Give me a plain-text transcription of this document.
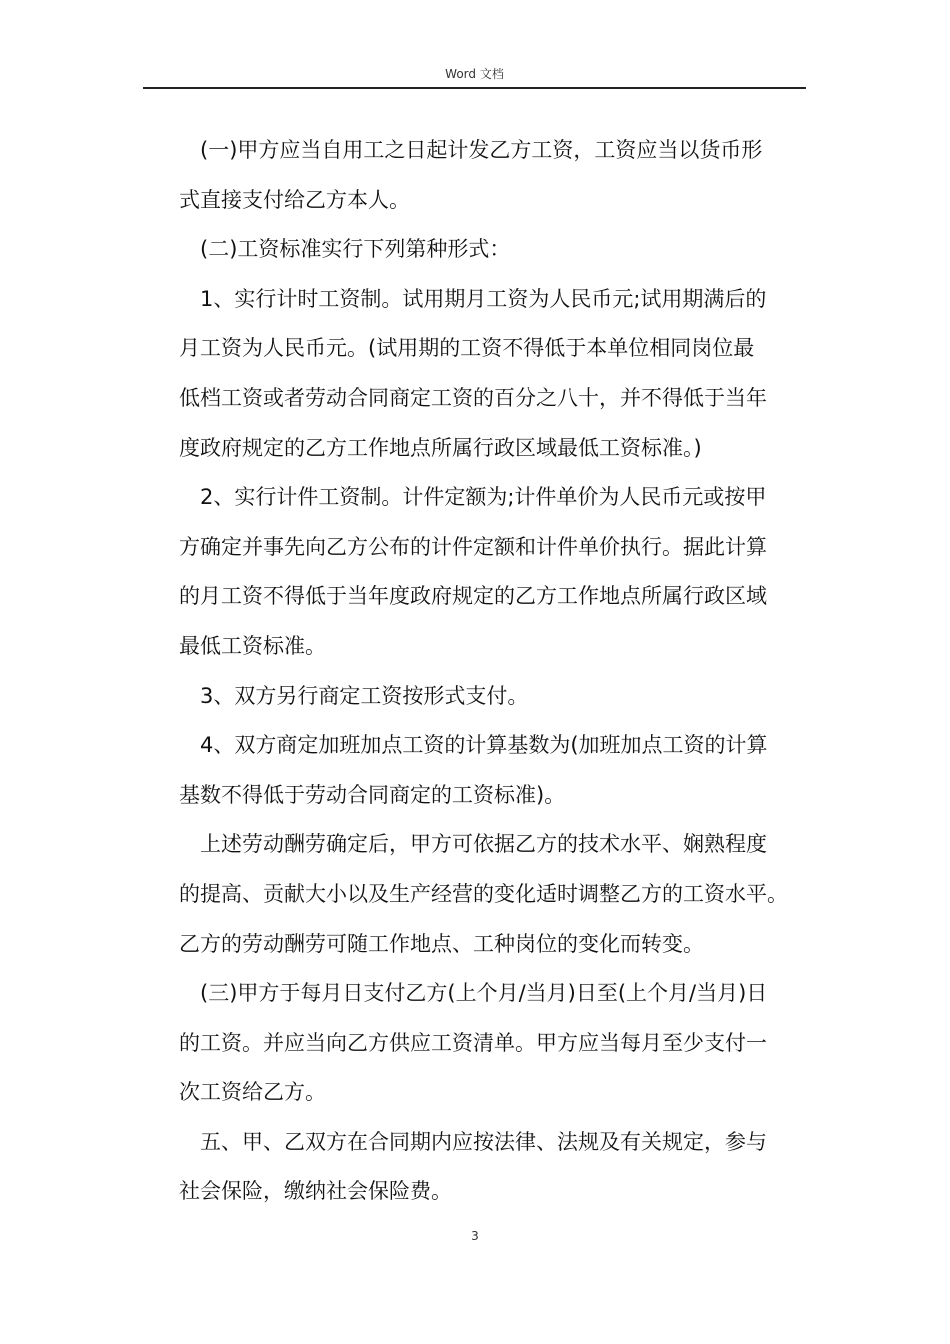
Word 文档

　(一)甲方应当自用工之日起计发乙方工资，工资应当以货币形

式直接支付给乙方本人。

　(二)工资标准实行下列第种形式：

　1、实行计时工资制。试用期月工资为人民币元;试用期满后的

月工资为人民币元。(试用期的工资不得低于本单位相同岗位最

低档工资或者劳动合同商定工资的百分之八十，并不得低于当年

度政府规定的乙方工作地点所属行政区域最低工资标准。)

　2、实行计件工资制。计件定额为;计件单价为人民币元或按甲

方确定并事先向乙方公布的计件定额和计件单价执行。据此计算

的月工资不得低于当年度政府规定的乙方工作地点所属行政区域

最低工资标准。

　3、双方另行商定工资按形式支付。

　4、双方商定加班加点工资的计算基数为(加班加点工资的计算

基数不得低于劳动合同商定的工资标准)。

　上述劳动酬劳确定后，甲方可依据乙方的技术水平、娴熟程度

的提高、贡献大小以及生产经营的变化适时调整乙方的工资水平。

乙方的劳动酬劳可随工作地点、工种岗位的变化而转变。

　(三)甲方于每月日支付乙方(上个月/当月)日至(上个月/当月)日

的工资。并应当向乙方供应工资清单。甲方应当每月至少支付一

次工资给乙方。

　五、甲、乙双方在合同期内应按法律、法规及有关规定，参与

社会保险，缴纳社会保险费。

3
